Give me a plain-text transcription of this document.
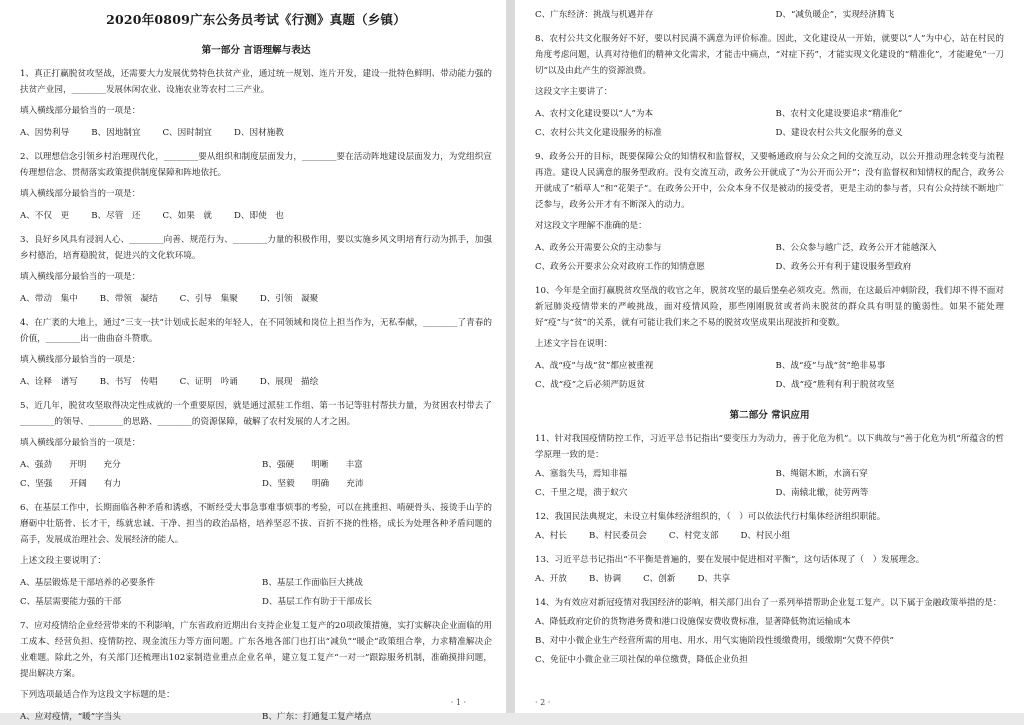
2020年0809广东公务员考试《行测》真题（乡镇）
第一部分 言语理解与表达
1、真正打赢脱贫攻坚战，还需要大力发展优势特色扶贫产业，通过统一规划、连片开发，建设一批特色鲜明、带动能力强的扶贫产业园，________发展休闲农业、设施农业等农村二三产业。
填入横线部分最恰当的一项是：
A、因势利导	B、因地制宜	C、因时制宜	D、因材施教
2、以理想信念引领乡村治理现代化，________要从组织和制度层面发力，________要在活动阵地建设层面发力，为党组织宣传理想信念、贯彻落实政策提供制度保障和阵地依托。
填入横线部分最恰当的一项是：
A、不仅　更	B、尽管　还	C、如果　就	D、即使　也
3、良好乡风具有浸润人心、________向善、规范行为、________力量的积极作用，要以实施乡风文明培育行动为抓手，加强乡村德治，培育稳脱贫，促进兴的文化软环境。
填入横线部分最恰当的一项是：
A、带动　集中	B、带领　凝结	C、引导　集聚	D、引领　凝聚
4、在广袤的大地上，通过“三支一扶”计划成长起来的年轻人，在不同领域和岗位上担当作为，无私奉献，________了青春的价值，________出一曲曲奋斗赞歌。
填入横线部分最恰当的一项是：
A、诠释　谱写	B、书写　传唱	C、证明　吟诵	D、展现　描绘
5、近几年，脱贫攻坚取得决定性成就的一个重要原因，就是通过派驻工作组、第一书记等驻村帮扶力量，为贫困农村带去了________的领导、________的思路、________的资源保障，破解了农村发展的人才之困。
填入横线部分最恰当的一项是：
A、强劲　　开明　　充分	B、强硬　　明晰　　丰富
C、坚强　　开阔　　有力	D、坚毅　　明确　　充沛
6、在基层工作中，长期面临各种矛盾和诱惑，不断经受大事急事难事烦事的考验，可以在挑重担、啃硬骨头、接烫手山芋的磨砺中壮筋骨、长才干，练就忠诚、干净、担当的政治品格，培养坚忍不拔、百折不挠的性格，成长为处理各种矛盾问题的高手，发展成治理社会、发展经济的能人。
上述文段主要说明了：
A、基层锻炼是干部培养的必要条件	B、基层工作面临巨大挑战
C、基层需要能力强的干部	D、基层工作有助于干部成长
7、应对疫情给企业经营带来的不利影响，广东省政府近期出台支持企业复工复产的20项政策措施，实打实解决企业面临的用工成本、经营负担、疫情防控、现金流压力等方面问题。广东各地各部门也打出“减负”“暖企”政策组合拳，力求精准解决企业难题。除此之外，有关部门还梳理出102家制造业重点企业名单，建立复工复产“一对一”跟踪服务机制，准确摸排问题，提出解决方案。
下列选项最适合作为这段文字标题的是：
A、应对疫情，“暖”字当头	B、广东：打通复工复产堵点
· 1 ·
C、广东经济：挑战与机遇并存	D、“减负暖企”，实现经济腾飞
8、农村公共文化服务好不好，要以村民满不满意为评价标准。因此，文化建设从一开始，就要以“人”为中心，站在村民的角度考虑问题，认真对待他们的精神文化需求，才能击中痛点，“对症下药”，才能实现文化建设的“精准化”，才能避免“一刀切”以及由此产生的资源浪费。
这段文字主要讲了：
A、农村文化建设要以“人”为本	B、农村文化建设要追求“精准化”
C、农村公共文化建设服务的标准	D、建设农村公共文化服务的意义
9、政务公开的目标，既要保障公众的知情权和监督权，又要畅通政府与公众之间的交流互动，以公开推动理念转变与流程再造。建设人民满意的服务型政府。没有交流互动，政务公开就成了“为公开而公开”；没有监督权和知情权的配合，政务公开就成了“稻草人”和“花架子”。在政务公开中，公众本身不仅是被动的接受者，更是主动的参与者，只有公众持续不断地广泛参与，政务公开才有不断深入的动力。
对这段文字理解不准确的是：
A、政务公开需要公众的主动参与	B、公众参与越广泛，政务公开才能越深入
C、政务公开要求公众对政府工作的知情意愿	D、政务公开有利于建设服务型政府
10、今年是全面打赢脱贫攻坚战的收官之年，脱贫攻坚的最后堡垒必须攻克。然而，在这最后冲刺阶段，我们却不得不面对新冠肺炎疫情带来的严峻挑战，面对疫情风险，那些刚刚脱贫或者尚未脱贫的群众具有明显的脆弱性。如果不能处理好“疫”与“贫”的关系，就有可能让我们来之不易的脱贫攻坚成果出现波折和变数。
上述文字旨在说明：
A、战“疫”与战“贫”都应被重视	B、战“疫”与战“贫”绝非易事
C、战“疫”之后必须严防返贫	D、战“疫”胜利有利于脱贫攻坚
第二部分 常识应用
11、针对我国疫情防控工作，习近平总书记指出“要变压力为动力，善于化危为机”。以下典故与“善于化危为机”所蕴含的哲学原理一致的是：
A、塞翁失马，焉知非福	B、绳锯木断，水滴石穿
C、千里之堤，溃于蚁穴	D、南辕北辙，徒劳两等
12、我国民法典规定，未设立村集体经济组织的，（　）可以依法代行村集体经济组织职能。
A、村长	B、村民委员会	C、村党支部	D、村民小组
13、习近平总书记指出“不平衡是普遍的，要在发展中促进相对平衡”，这句话体现了（　）发展理念。
A、开放	B、协调	C、创新	D、共享
14、为有效应对新冠疫情对我国经济的影响，相关部门出台了一系列举措帮助企业复工复产。以下属于金融政策举措的是：
A、降低政府定价的货物港务费和港口设施保安费收费标准，显著降低物流运输成本
B、对中小微企业生产经营所需的用电、用水、用气实施阶段性缓缴费用，缓缴期“欠费不停供”
C、免征中小微企业三项社保的单位缴费，降低企业负担
· 2 ·
